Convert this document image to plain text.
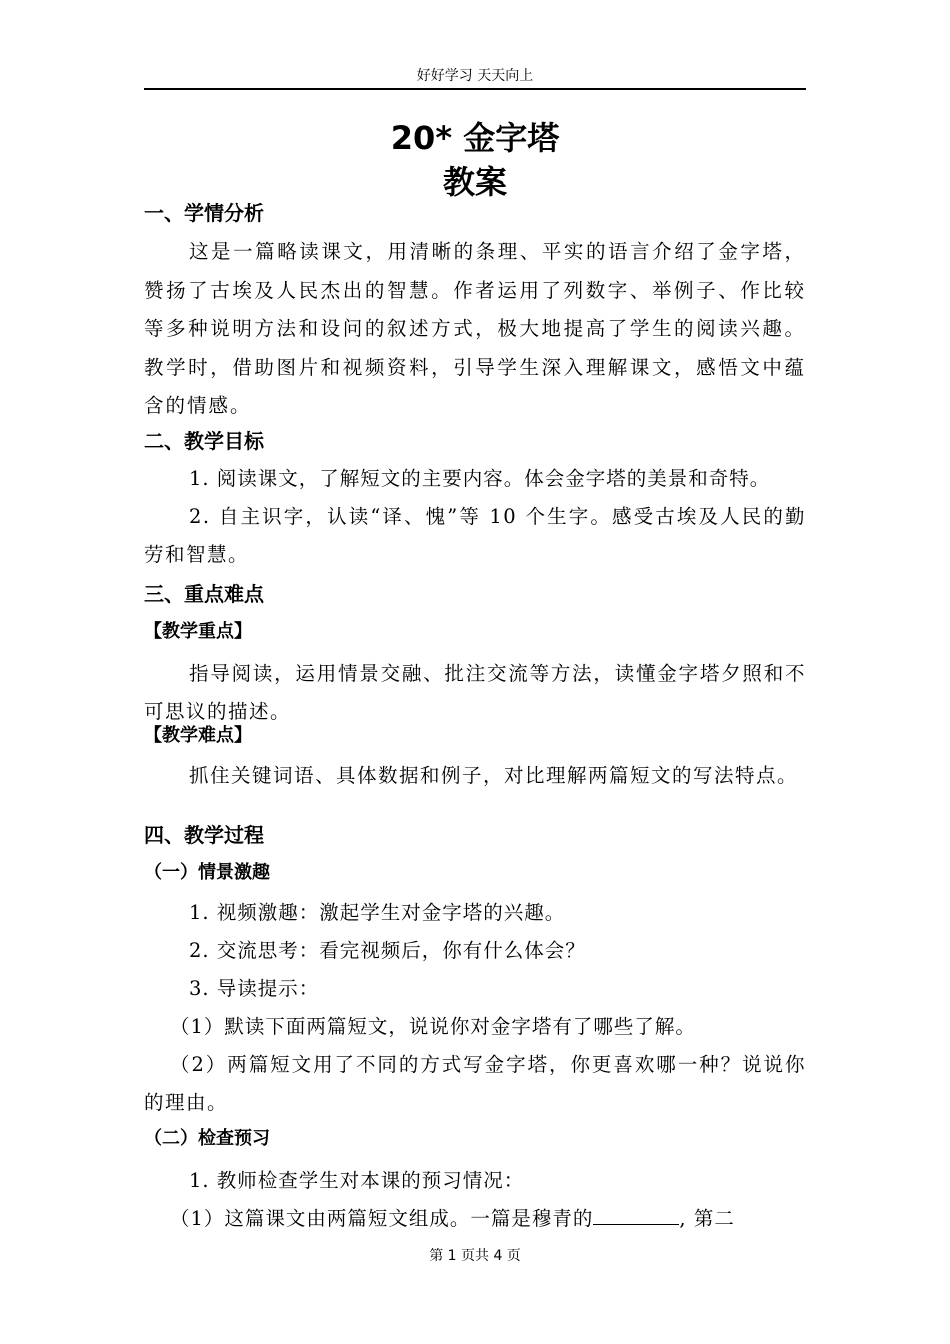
好好学习 天天向上
20* 金字塔
教案
一、学情分析
这是一篇略读课文，用清晰的条理、平实的语言介绍了金字塔，赞扬了古埃及人民杰出的智慧。作者运用了列数字、举例子、作比较等多种说明方法和设问的叙述方式，极大地提高了学生的阅读兴趣。教学时，借助图片和视频资料，引导学生深入理解课文，感悟文中蕴含的情感。
二、教学目标
1. 阅读课文，了解短文的主要内容。体会金字塔的美景和奇特。
2. 自主识字，认读“译、愧”等 10 个生字。感受古埃及人民的勤劳和智慧。
三、重点难点
【教学重点】
指导阅读，运用情景交融、批注交流等方法，读懂金字塔夕照和不可思议的描述。
【教学难点】
抓住关键词语、具体数据和例子，对比理解两篇短文的写法特点。
四、教学过程
（一）情景激趣
1. 视频激趣：激起学生对金字塔的兴趣。
2. 交流思考：看完视频后，你有什么体会？
3. 导读提示：
（1）默读下面两篇短文，说说你对金字塔有了哪些了解。
（2）两篇短文用了不同的方式写金字塔，你更喜欢哪一种？说说你的理由。
（二）检查预习
1. 教师检查学生对本课的预习情况：
（1）这篇课文由两篇短文组成。一篇是穆青的	, 第二
第 1 页共 4 页
